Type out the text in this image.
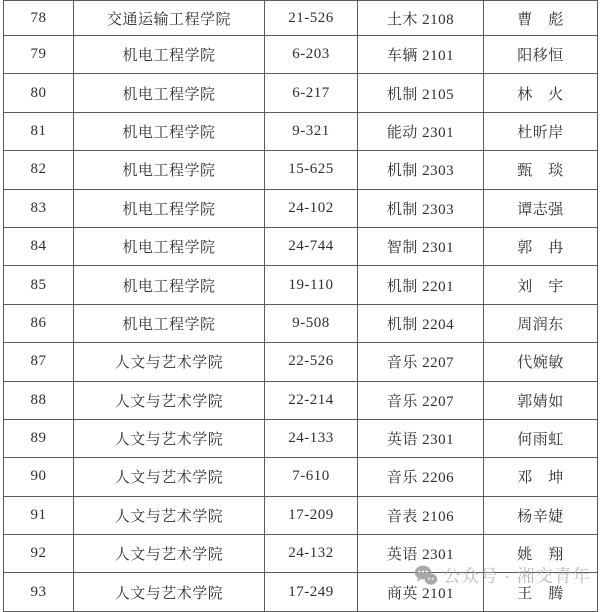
78	交通运输工程学院	21-526	土木 2108	曹　彪
79	机电工程学院	6-203	车辆 2101	阳移恒
80	机电工程学院	6-217	机制 2105	林　火
81	机电工程学院	9-321	能动 2301	杜昕岸
82	机电工程学院	15-625	机制 2303	甄　琰
83	机电工程学院	24-102	机制 2303	谭志强
84	机电工程学院	24-744	智制 2301	郭　冉
85	机电工程学院	19-110	机制 2201	刘　宇
86	机电工程学院	9-508	机制 2204	周润东
87	人文与艺术学院	22-526	音乐 2207	代婉敏
88	人文与艺术学院	22-214	音乐 2207	郭婧如
89	人文与艺术学院	24-133	英语 2301	何雨虹
90	人文与艺术学院	7-610	音乐 2206	邓　坤
91	人文与艺术学院	17-209	音表 2106	杨辛婕
92	人文与艺术学院	24-132	英语 2301	姚　翔
93	人文与艺术学院	17-249	商英 2101	王　腾
公众号 · 湘交青年
